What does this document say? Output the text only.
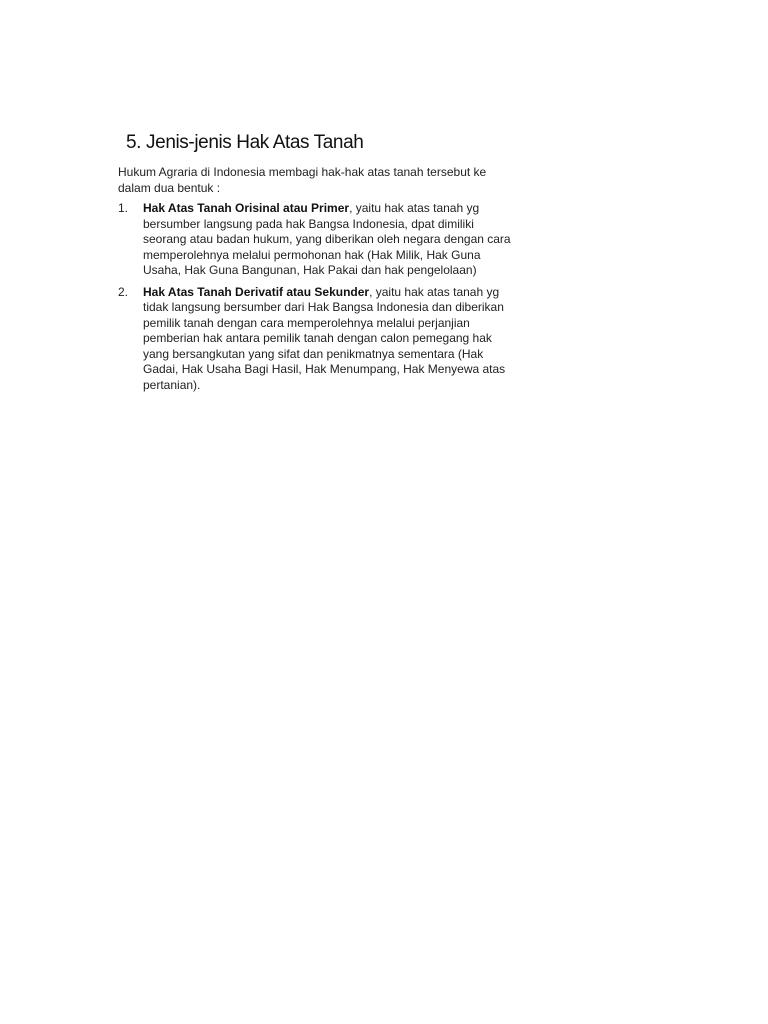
5. Jenis-jenis Hak Atas Tanah

Hukum Agraria di Indonesia membagi hak-hak atas tanah tersebut ke dalam dua bentuk :

1.	Hak Atas Tanah Orisinal atau Primer, yaitu hak atas tanah yg bersumber langsung pada hak Bangsa Indonesia, dpat dimiliki seorang atau badan hukum, yang diberikan oleh negara dengan cara memperolehnya melalui permohonan hak (Hak Milik, Hak Guna Usaha, Hak Guna Bangunan, Hak Pakai dan hak pengelolaan)
2.	Hak Atas Tanah Derivatif atau Sekunder, yaitu hak atas tanah yg tidak langsung bersumber dari Hak Bangsa Indonesia dan diberikan pemilik tanah dengan cara memperolehnya melalui perjanjian pemberian hak antara pemilik tanah dengan calon pemegang hak yang bersangkutan yang sifat dan penikmatnya sementara (Hak Gadai, Hak Usaha Bagi Hasil, Hak Menumpang, Hak Menyewa atas pertanian).
